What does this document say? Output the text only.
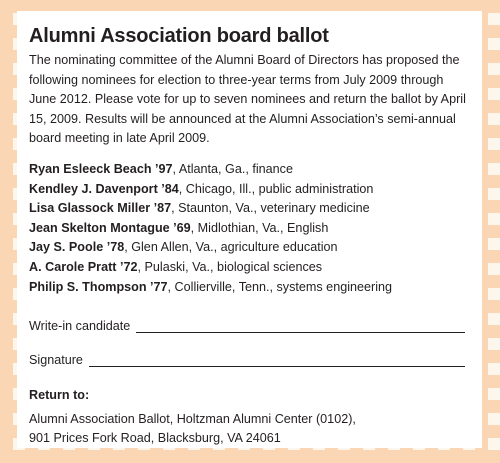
Alumni Association board ballot

The nominating committee of the Alumni Board of Directors has proposed the following nominees for election to three-year terms from July 2009 through June 2012. Please vote for up to seven nominees and return the ballot by April 15, 2009. Results will be announced at the Alumni Association’s semi-annual board meeting in late April 2009.

Ryan Esleeck Beach ’97, Atlanta, Ga., finance
Kendley J. Davenport ’84, Chicago, Ill., public administration
Lisa Glassock Miller ’87, Staunton, Va., veterinary medicine
Jean Skelton Montague ’69, Midlothian, Va., English
Jay S. Poole ’78, Glen Allen, Va., agriculture education
A. Carole Pratt ’72, Pulaski, Va., biological sciences
Philip S. Thompson ’77, Collierville, Tenn., systems engineering
Write-in candidate
Signature

Return to:

Alumni Association Ballot, Holtzman Alumni Center (0102),

901 Prices Fork Road, Blacksburg, VA 24061
